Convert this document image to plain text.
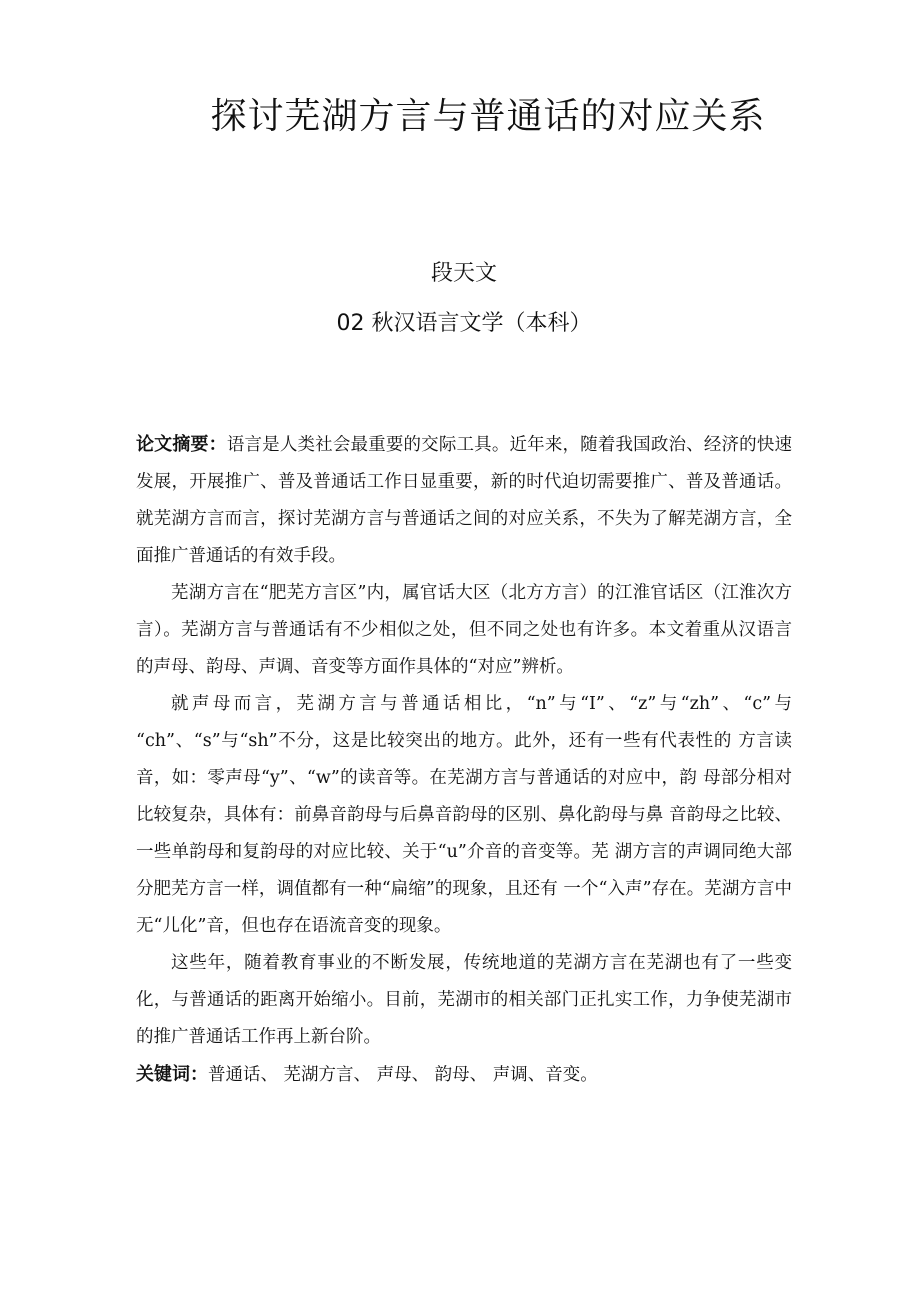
探讨芜湖方言与普通话的对应关系
段天文
02 秋汉语言文学（本科）

论文摘要：语言是人类社会最重要的交际工具。近年来，随着我国政治、经济的快速发展，开展推广、普及普通话工作日显重要，新的时代迫切需要推广、普及普通话。就芜湖方言而言，探讨芜湖方言与普通话之间的对应关系，不失为了解芜湖方言，全面推广普通话的有效手段。

芜湖方言在“肥芜方言区”内，属官话大区（北方方言）的江淮官话区（江淮次方言）。芜湖方言与普通话有不少相似之处，但不同之处也有许多。本文着重从汉语言的声母、韵母、声调、音变等方面作具体的“对应”辨析。

就声母而言，芜湖方言与普通话相比，“n”与“I”、“z”与“zh”、“c”与 “ch”、“s”与“sh”不分，这是比较突出的地方。此外，还有一些有代表性的 方言读音，如：零声母“y”、“w”的读音等。在芜湖方言与普通话的对应中，韵 母部分相对比较复杂，具体有：前鼻音韵母与后鼻音韵母的区别、鼻化韵母与鼻 音韵母之比较、一些单韵母和复韵母的对应比较、关于“u”介音的音变等。芜 湖方言的声调同绝大部分肥芜方言一样，调值都有一种“扁缩”的现象，且还有 一个“入声”存在。芜湖方言中无“儿化”音，但也存在语流音变的现象。

这些年，随着教育事业的不断发展，传统地道的芜湖方言在芜湖也有了一些变化，与普通话的距离开始缩小。目前，芜湖市的相关部门正扎实工作，力争使芜湖市的推广普通话工作再上新台阶。

关键词：普通话、 芜湖方言、 声母、 韵母、 声调、音变。
